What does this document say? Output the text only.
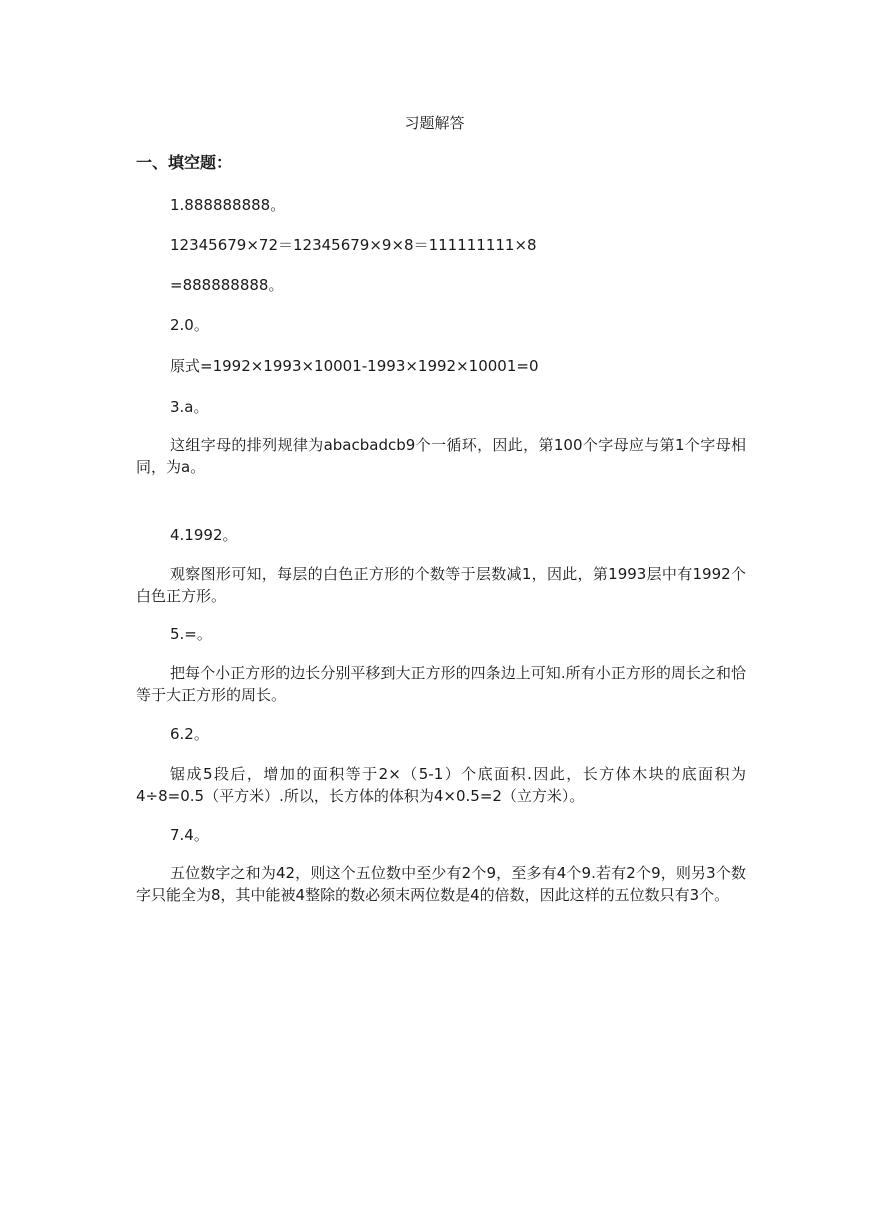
习题解答
一、填空题：
1.888888888。
12345679×72＝12345679×9×8＝111111111×8
=888888888。
2.0。
原式=1992×1993×10001-1993×1992×10001=0
3.a。
这组字母的排列规律为abacbadcb9个一循环，因此，第100个字母应与第1个字母相同，为a。
4.1992。
观察图形可知，每层的白色正方形的个数等于层数减1，因此，第1993层中有1992个白色正方形。
5.=。
把每个小正方形的边长分别平移到大正方形的四条边上可知.所有小正方形的周长之和恰等于大正方形的周长。
6.2。
锯成5段后，增加的面积等于2×（5-1）个底面积.因此，长方体木块的底面积为4÷8=0.5（平方米）.所以，长方体的体积为4×0.5=2（立方米）。
7.4。
五位数字之和为42，则这个五位数中至少有2个9，至多有4个9.若有2个9，则另3个数字只能全为8，其中能被4整除的数必须末两位数是4的倍数，因此这样的五位数只有3个。
